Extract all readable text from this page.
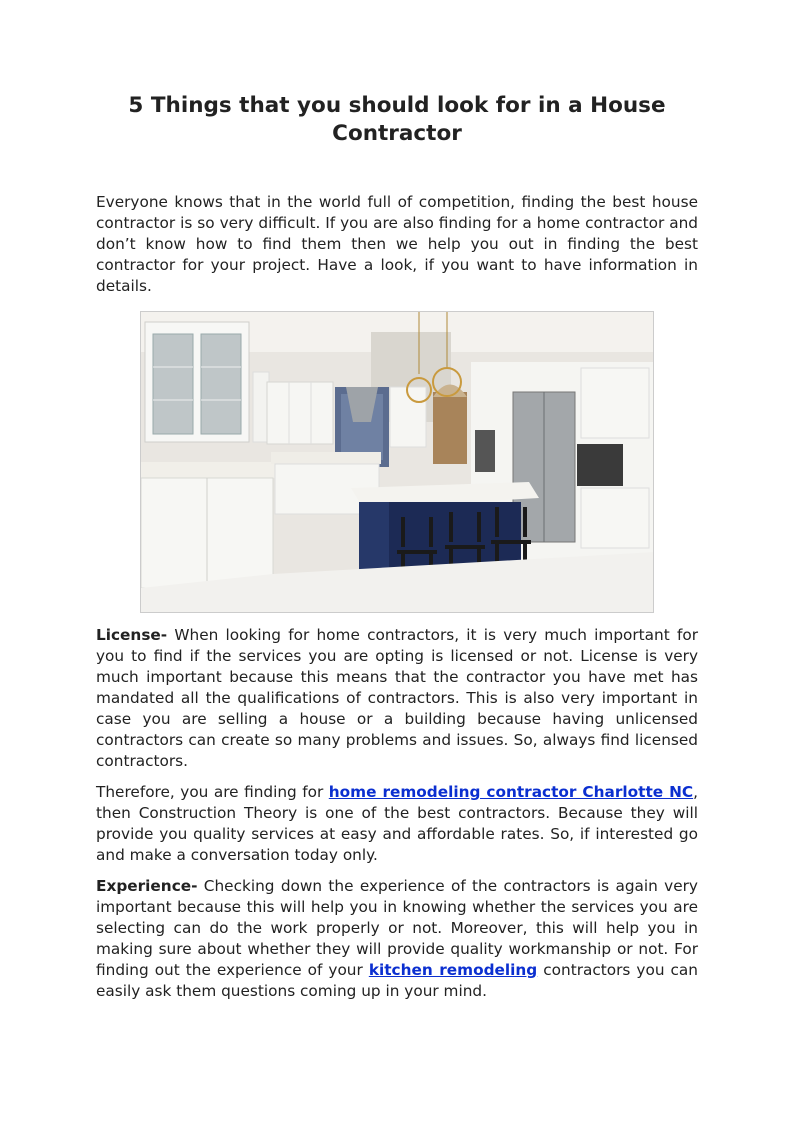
5 Things that you should look for in a House
Contractor

Everyone knows that in the world full of competition, finding the best house contractor is so very difficult. If you are also finding for a home contractor and don’t know how to find them then we help you out in finding the best contractor for your project. Have a look, if you want to have information in details.

License- When looking for home contractors, it is very much important for you to find if the services you are opting is licensed or not. License is very much important because this means that the contractor you have met has mandated all the qualifications of contractors. This is also very important in case you are selling a house or a building because having unlicensed contractors can create so many problems and issues. So, always find licensed contractors.

Therefore, you are finding for home remodeling contractor Charlotte NC, then Construction Theory is one of the best contractors. Because they will provide you quality services at easy and affordable rates. So, if interested go and make a conversation today only.

Experience- Checking down the experience of the contractors is again very important because this will help you in knowing whether the services you are selecting can do the work properly or not. Moreover, this will help you in making sure about whether they will provide quality workmanship or not. For finding out the experience of your kitchen remodeling contractors you can easily ask them questions coming up in your mind.
